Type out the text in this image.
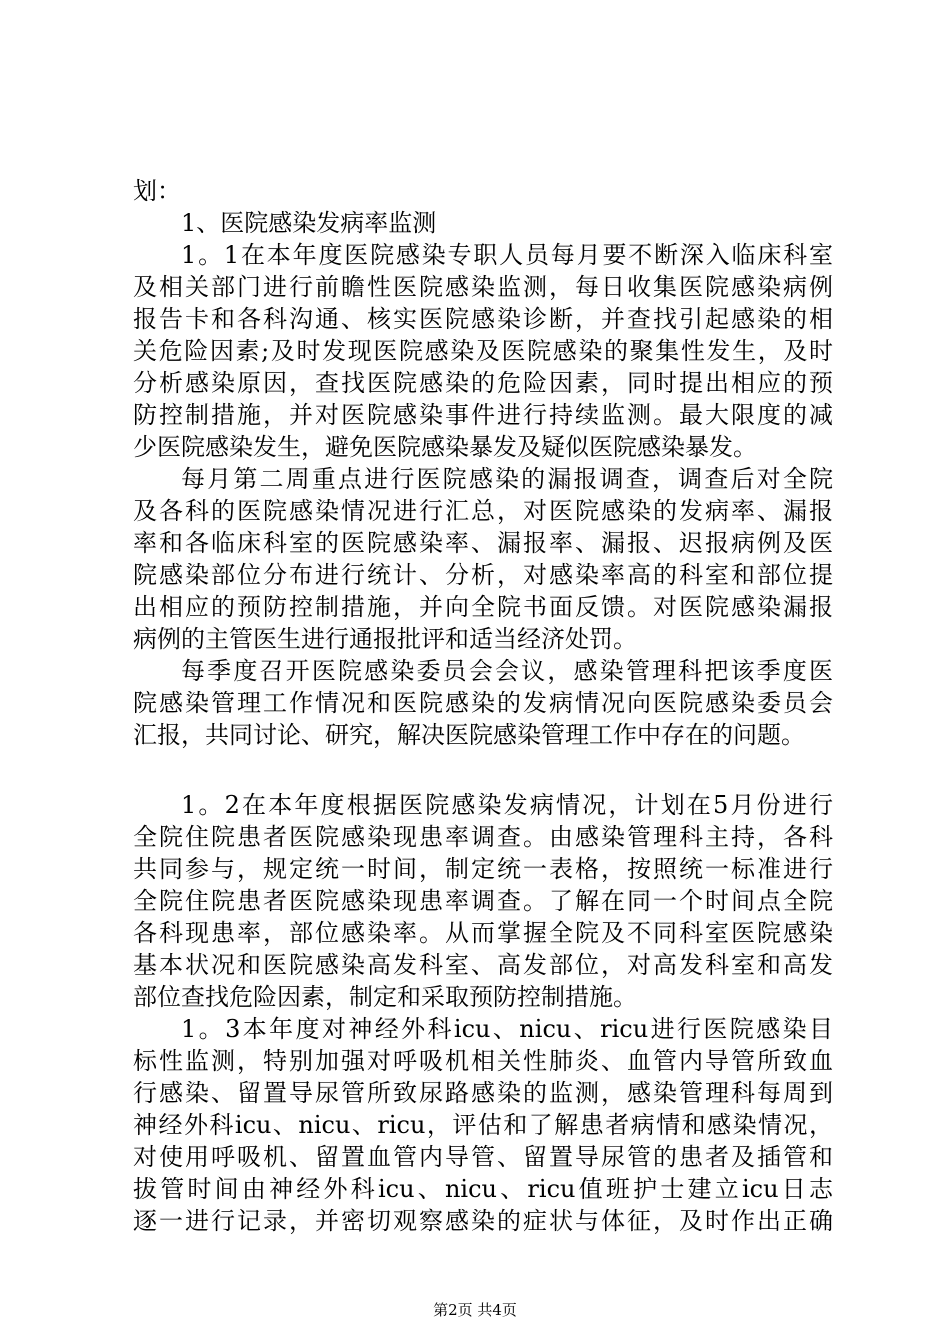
划：
1、医院感染发病率监测
1。1在本年度医院感染专职人员每月要不断深入临床科室
及相关部门进行前瞻性医院感染监测，每日收集医院感染病例
报告卡和各科沟通、核实医院感染诊断，并查找引起感染的相
关危险因素;及时发现医院感染及医院感染的聚集性发生，及时
分析感染原因，查找医院感染的危险因素，同时提出相应的预
防控制措施，并对医院感染事件进行持续监测。最大限度的减
少医院感染发生，避免医院感染暴发及疑似医院感染暴发。
每月第二周重点进行医院感染的漏报调查，调查后对全院
及各科的医院感染情况进行汇总，对医院感染的发病率、漏报
率和各临床科室的医院感染率、漏报率、漏报、迟报病例及医
院感染部位分布进行统计、分析，对感染率高的科室和部位提
出相应的预防控制措施，并向全院书面反馈。对医院感染漏报
病例的主管医生进行通报批评和适当经济处罚。
每季度召开医院感染委员会会议，感染管理科把该季度医
院感染管理工作情况和医院感染的发病情况向医院感染委员会
汇报，共同讨论、研究，解决医院感染管理工作中存在的问题。
1。2在本年度根据医院感染发病情况，计划在5月份进行
全院住院患者医院感染现患率调查。由感染管理科主持，各科
共同参与，规定统一时间，制定统一表格，按照统一标准进行
全院住院患者医院感染现患率调查。了解在同一个时间点全院
各科现患率，部位感染率。从而掌握全院及不同科室医院感染
基本状况和医院感染高发科室、高发部位，对高发科室和高发
部位查找危险因素，制定和采取预防控制措施。
1。3本年度对神经外科icu、nicu、ricu进行医院感染目
标性监测，特别加强对呼吸机相关性肺炎、血管内导管所致血
行感染、留置导尿管所致尿路感染的监测，感染管理科每周到
神经外科icu、nicu、ricu，评估和了解患者病情和感染情况，
对使用呼吸机、留置血管内导管、留置导尿管的患者及插管和
拔管时间由神经外科icu、nicu、ricu值班护士建立icu日志
逐一进行记录，并密切观察感染的症状与体征，及时作出正确
第2页 共4页
